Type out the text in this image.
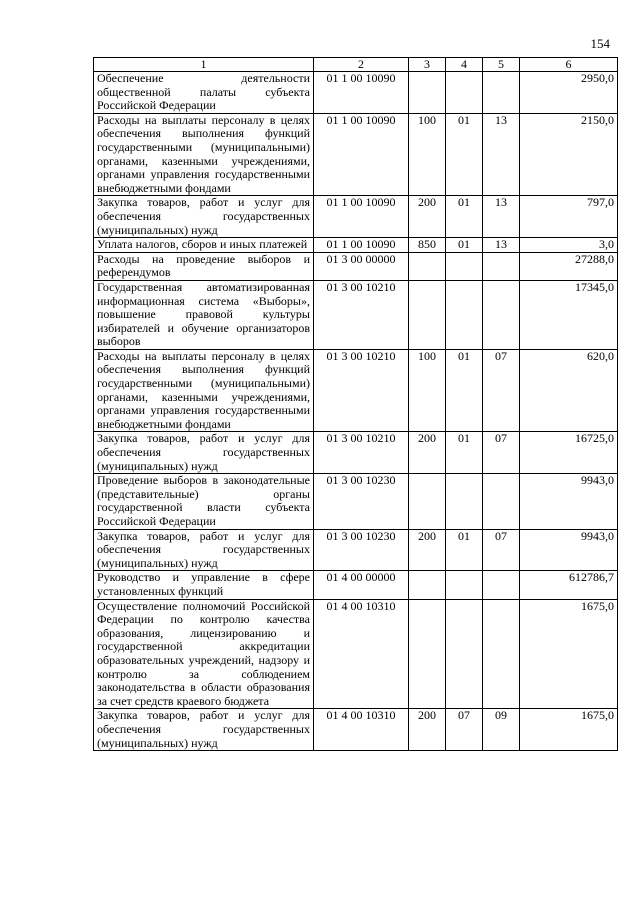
154
1	2	3	4	5	6
Обеспечение деятельности общественной палаты субъекта Российской Федерации	01 1 00 10090				2950,0
Расходы на выплаты персоналу в целях обеспечения выполнения функций государственными (муниципальными) органами, казенными учреждениями, органами управления государственными внебюджетными фондами	01 1 00 10090	100	01	13	2150,0
Закупка товаров, работ и услуг для обеспечения государственных (муниципальных) нужд	01 1 00 10090	200	01	13	797,0
Уплата налогов, сборов и иных платежей	01 1 00 10090	850	01	13	3,0
Расходы на проведение выборов и референдумов	01 3 00 00000				27288,0
Государственная автоматизированная информационная система «Выборы», повышение правовой культуры избирателей и обучение организаторов выборов	01 3 00 10210				17345,0
Расходы на выплаты персоналу в целях обеспечения выполнения функций государственными (муниципальными) органами, казенными учреждениями, органами управления государственными внебюджетными фондами	01 3 00 10210	100	01	07	620,0
Закупка товаров, работ и услуг для обеспечения государственных (муниципальных) нужд	01 3 00 10210	200	01	07	16725,0
Проведение выборов в законодательные (представительные) органы государственной власти субъекта Российской Федерации	01 3 00 10230				9943,0
Закупка товаров, работ и услуг для обеспечения государственных (муниципальных) нужд	01 3 00 10230	200	01	07	9943,0
Руководство и управление в сфере установленных функций	01 4 00 00000				612786,7
Осуществление полномочий Российской Федерации по контролю качества образования, лицензированию и государственной аккредитации образовательных учреждений, надзору и контролю за соблюдением законодательства в области образования за счет средств краевого бюджета	01 4 00 10310				1675,0
Закупка товаров, работ и услуг для обеспечения государственных (муниципальных) нужд	01 4 00 10310	200	07	09	1675,0
